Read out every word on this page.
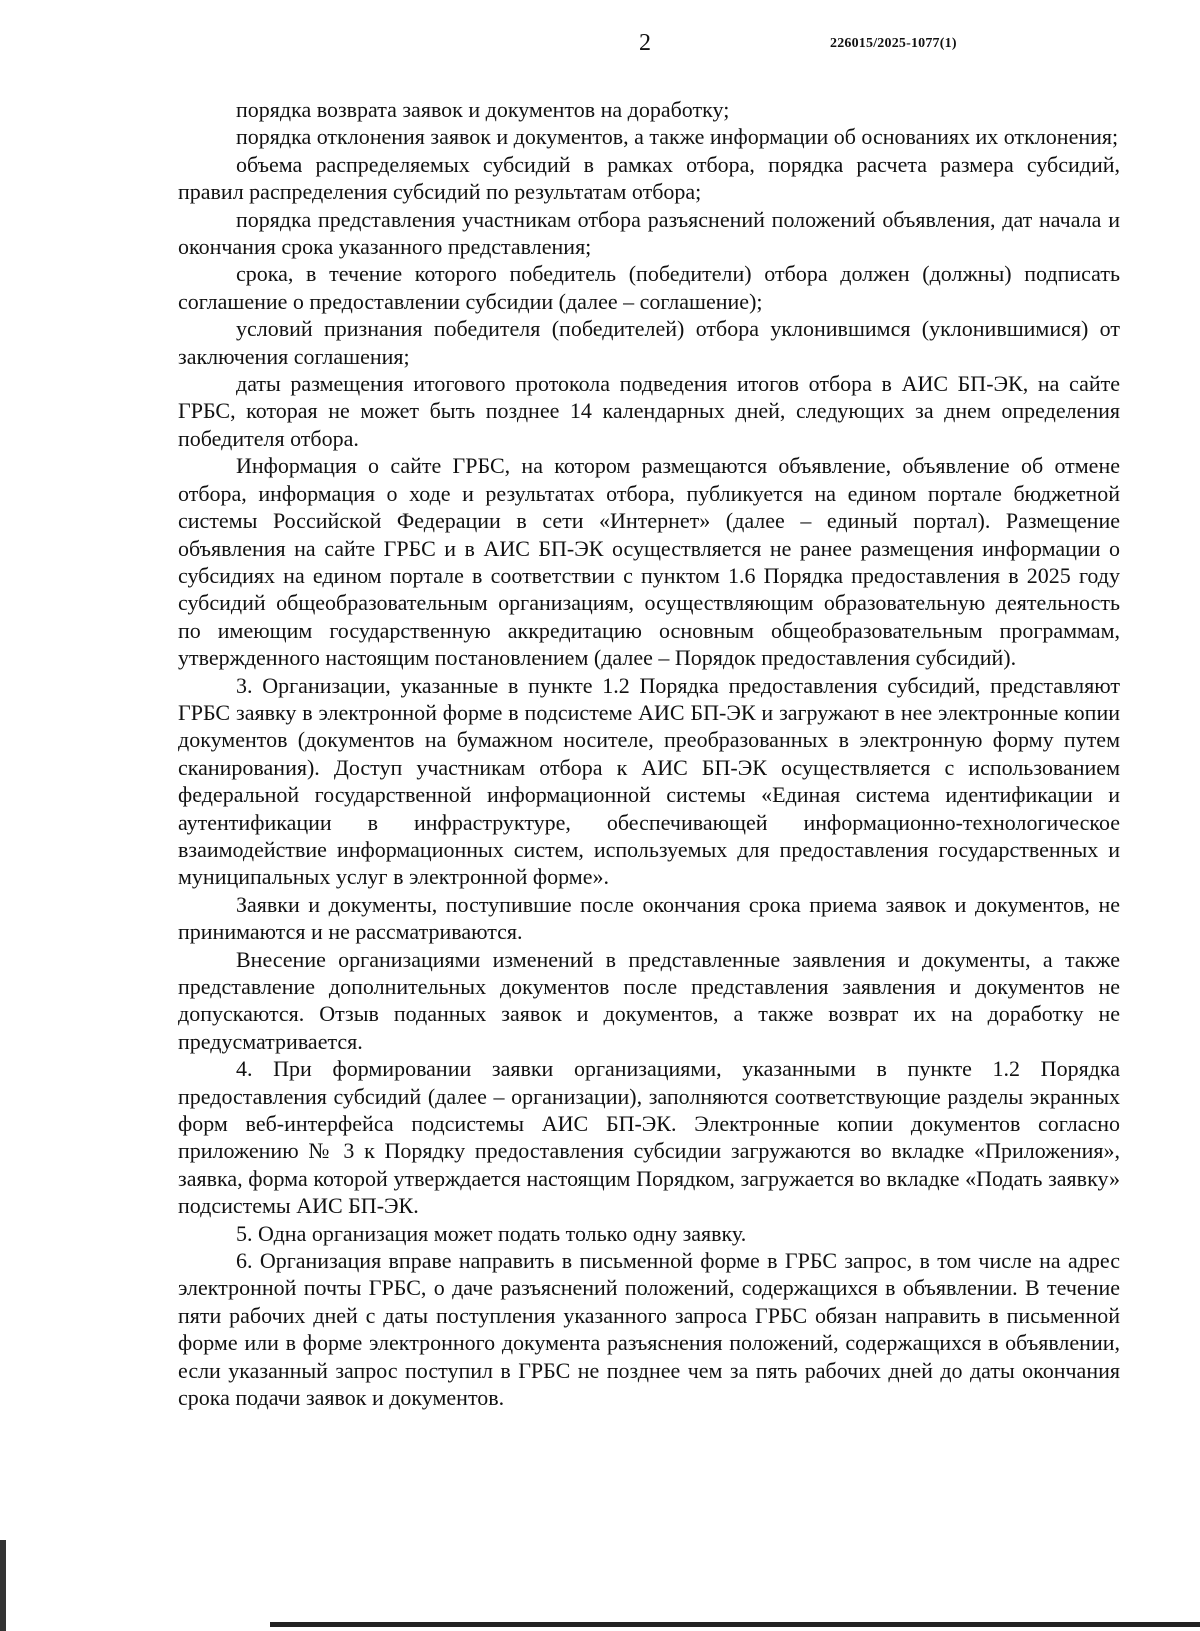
2	226015/2025-1077(1)

порядка возврата заявок и документов на доработку;

порядка отклонения заявок и документов, а также информации об основаниях их отклонения;

объема распределяемых субсидий в рамках отбора, порядка расчета размера субсидий, правил распределения субсидий по результатам отбора;

порядка представления участникам отбора разъяснений положений объявления, дат начала и окончания срока указанного представления;

срока, в течение которого победитель (победители) отбора должен (должны) подписать соглашение о предоставлении субсидии (далее – соглашение);

условий признания победителя (победителей) отбора уклонившимся (уклонившимися) от заключения соглашения;

даты размещения итогового протокола подведения итогов отбора в АИС БП-ЭК, на сайте ГРБС, которая не может быть позднее 14 календарных дней, следующих за днем определения победителя отбора.

Информация о сайте ГРБС, на котором размещаются объявление, объявление об отмене отбора, информация о ходе и результатах отбора, публикуется на едином портале бюджетной системы Российской Федерации в сети «Интернет» (далее – единый портал). Размещение объявления на сайте ГРБС и в АИС БП-ЭК осуществляется не ранее размещения информации о субсидиях на едином портале в соответствии с пунктом 1.6 Порядка предоставления в 2025 году субсидий общеобразовательным организациям, осуществляющим образовательную деятельность по имеющим государственную аккредитацию основным общеобразовательным программам, утвержденного настоящим постановлением (далее – Порядок предоставления субсидий).

3. Организации, указанные в пункте 1.2 Порядка предоставления субсидий, представляют ГРБС заявку в электронной форме в подсистеме АИС БП-ЭК и загружают в нее электронные копии документов (документов на бумажном носителе, преобразованных в электронную форму путем сканирования). Доступ участникам отбора к АИС БП-ЭК осуществляется с использованием федеральной государственной информационной системы «Единая система идентификации и аутентификации в инфраструктуре, обеспечивающей информационно-технологическое взаимодействие информационных систем, используемых для предоставления государственных и муниципальных услуг в электронной форме».

Заявки и документы, поступившие после окончания срока приема заявок и документов, не принимаются и не рассматриваются.

Внесение организациями изменений в представленные заявления и документы, а также представление дополнительных документов после представления заявления и документов не допускаются. Отзыв поданных заявок и документов, а также возврат их на доработку не предусматривается.

4. При формировании заявки организациями, указанными в пункте 1.2 Порядка предоставления субсидий (далее – организации), заполняются соответствующие разделы экранных форм веб-интерфейса подсистемы АИС БП-ЭК. Электронные копии документов согласно приложению № 3 к Порядку предоставления субсидии загружаются во вкладке «Приложения», заявка, форма которой утверждается настоящим Порядком, загружается во вкладке «Подать заявку» подсистемы АИС БП-ЭК.

5. Одна организация может подать только одну заявку.

6. Организация вправе направить в письменной форме в ГРБС запрос, в том числе на адрес электронной почты ГРБС, о даче разъяснений положений, содержащихся в объявлении. В течение пяти рабочих дней с даты поступления указанного запроса ГРБС обязан направить в письменной форме или в форме электронного документа разъяснения положений, содержащихся в объявлении, если указанный запрос поступил в ГРБС не позднее чем за пять рабочих дней до даты окончания срока подачи заявок и документов.
